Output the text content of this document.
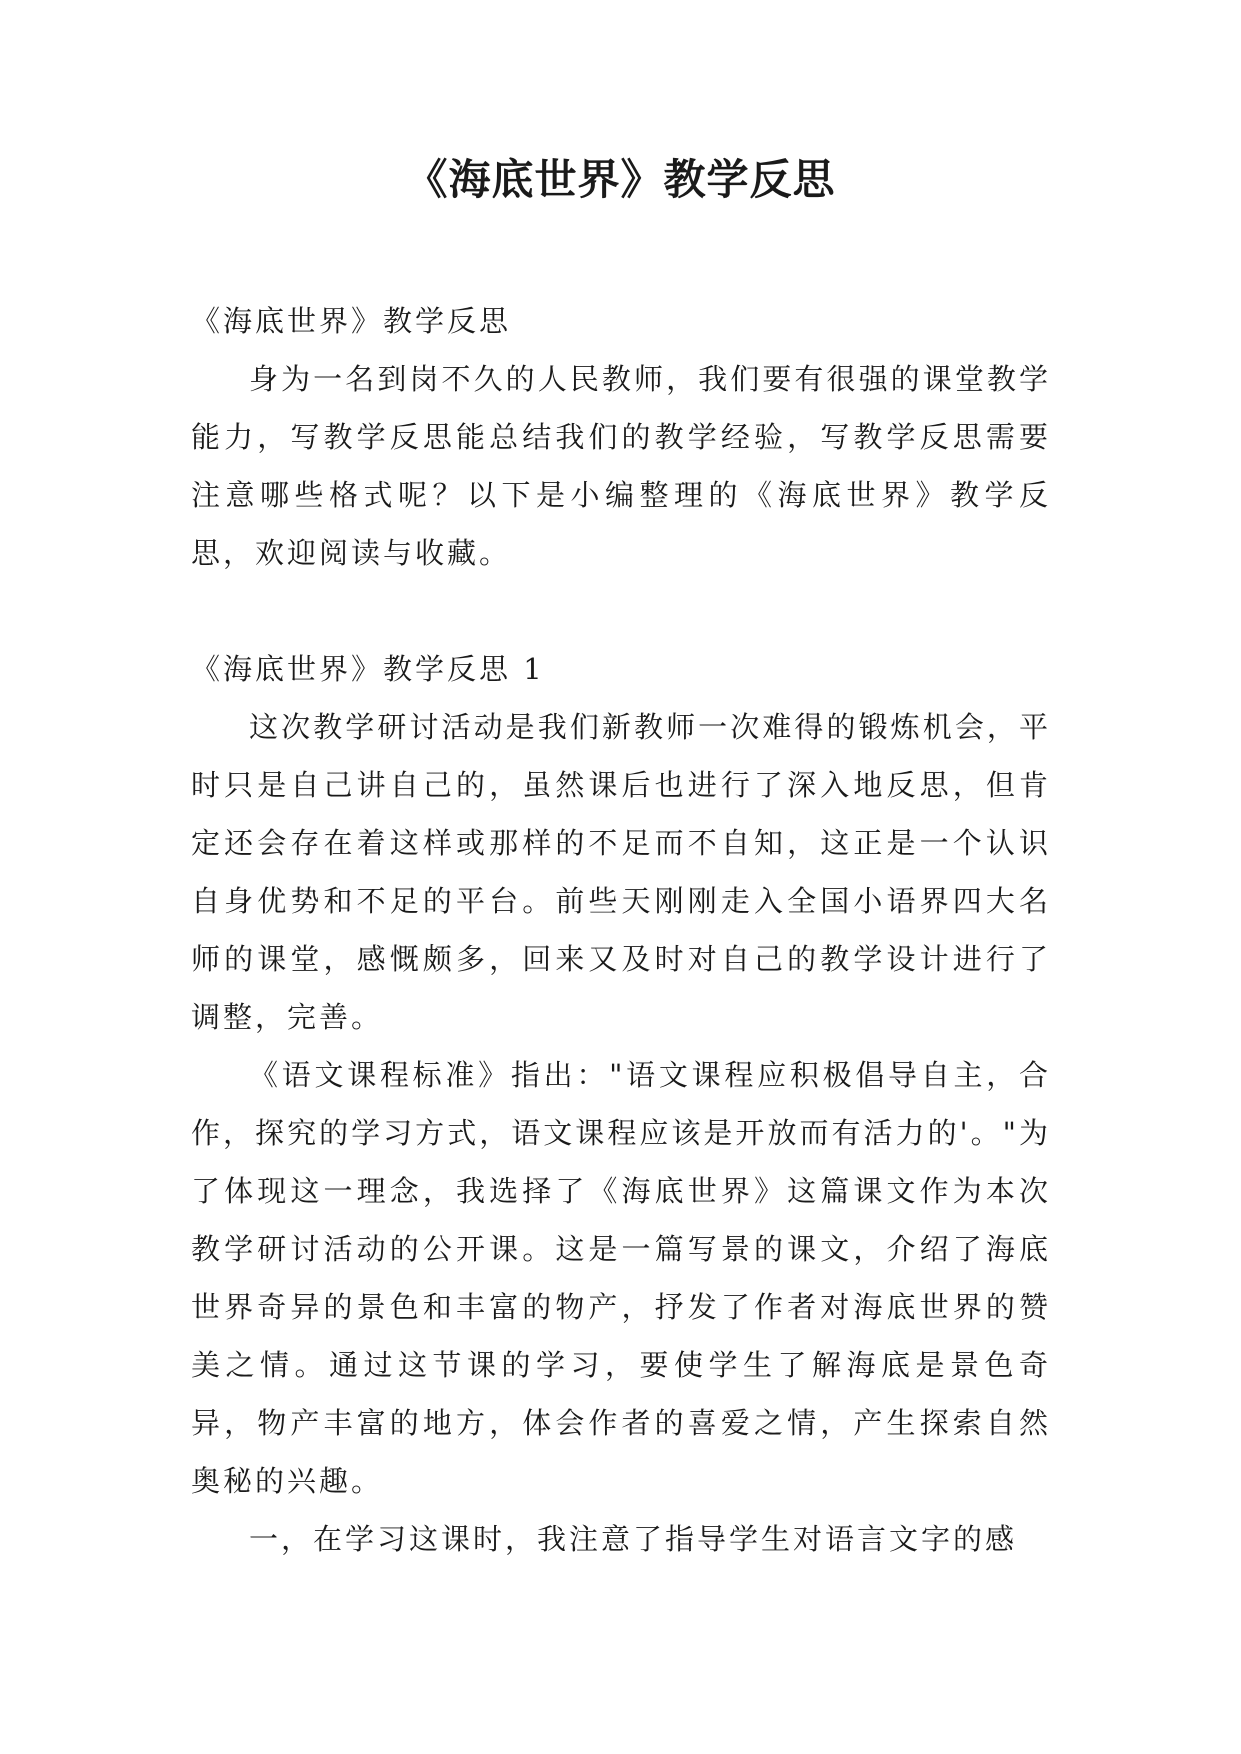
《海底世界》教学反思

《海底世界》教学反思

身为一名到岗不久的人民教师，我们要有很强的课堂教学能力，写教学反思能总结我们的教学经验，写教学反思需要注意哪些格式呢？以下是小编整理的《海底世界》教学反思，欢迎阅读与收藏。

《海底世界》教学反思 1

这次教学研讨活动是我们新教师一次难得的锻炼机会，平时只是自己讲自己的，虽然课后也进行了深入地反思，但肯定还会存在着这样或那样的不足而不自知，这正是一个认识自身优势和不足的平台。前些天刚刚走入全国小语界四大名师的课堂，感慨颇多，回来又及时对自己的教学设计进行了调整，完善。

《语文课程标准》指出："语文课程应积极倡导自主，合作，探究的学习方式，语文课程应该是开放而有活力的'。"为了体现这一理念，我选择了《海底世界》这篇课文作为本次教学研讨活动的公开课。这是一篇写景的课文，介绍了海底世界奇异的景色和丰富的物产，抒发了作者对海底世界的赞美之情。通过这节课的学习，要使学生了解海底是景色奇异，物产丰富的地方，体会作者的喜爱之情，产生探索自然奥秘的兴趣。

一，在学习这课时，我注意了指导学生对语言文字的感
